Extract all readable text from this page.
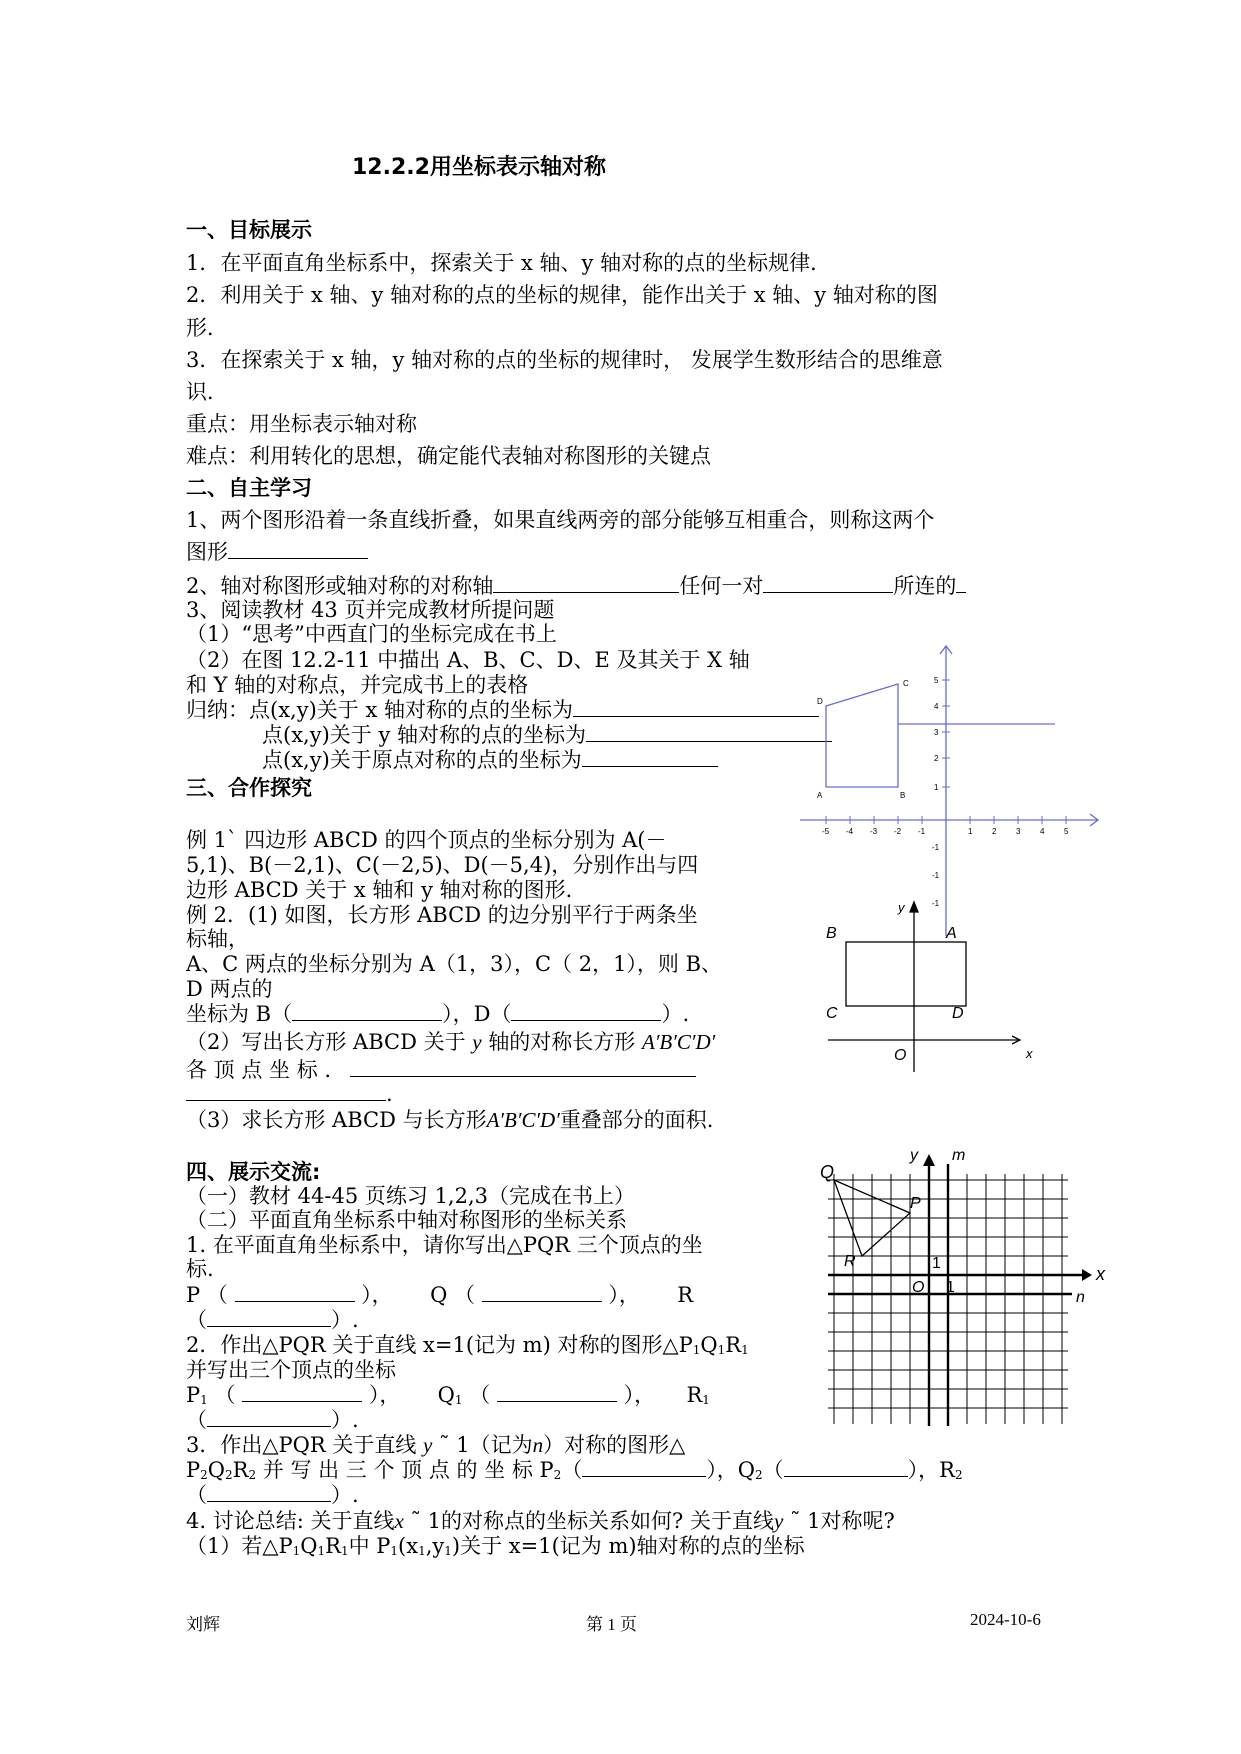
12.2.2用坐标表示轴对称
一、目标展示
1．在平面直角坐标系中，探索关于 x 轴、y 轴对称的点的坐标规律．
2．利用关于 x 轴、y 轴对称的点的坐标的规律，能作出关于 x 轴、y 轴对称的图
形．
3．在探索关于 x 轴，y 轴对称的点的坐标的规律时， 发展学生数形结合的思维意
识．
重点：用坐标表示轴对称
难点：利用转化的思想，确定能代表轴对称图形的关键点
二、自主学习
1、两个图形沿着一条直线折叠，如果直线两旁的部分能够互相重合，则称这两个
图形
2、轴对称图形或轴对称的对称轴	任何一对	所连的
3、阅读教材 43 页并完成教材所提问题
（1）“思考”中西直门的坐标完成在书上
（2）在图 12.2-11 中描出 A、B、C、D、E 及其关于 X 轴
和 Y 轴的对称点，并完成书上的表格
归纳：点(x,y)关于 x 轴对称的点的坐标为
点(x,y)关于 y 轴对称的点的坐标为
点(x,y)关于原点对称的点的坐标为
三、合作探究
例 1` 四边形 ABCD 的四个顶点的坐标分别为 A(－
5,1)、B(－2,1)、C(－2,5)、D(－5,4)，分别作出与四
边形 ABCD 关于 x 轴和 y 轴对称的图形．
例 2．(1) 如图，长方形 ABCD 的边分别平行于两条坐
标轴，
A、C 两点的坐标分别为 A（1，3），C（ 2，1），则 B、
D 两点的
坐标为 B（	），D（	）.
（2）写出长方形 ABCD 关于 y 轴的对称长方形 A′B′C′D′
各 顶 点 坐 标 .
.
（3）求长方形 ABCD 与长方形A′B′C′D′重叠部分的面积.
四、展示交流:
（一）教材 44-45 页练习 1,2,3（完成在书上）
（二）平面直角坐标系中轴对称图形的坐标关系
1. 在平面直角坐标系中，请你写出△PQR 三个顶点的坐
标.
P （	）， Q （	）， R
（	）.
2．作出△PQR 关于直线 x=1(记为 m) 对称的图形△P1Q1R1
并写出三个顶点的坐标
P1 （	），  Q1 （	），  R1
（	）.
3．作出△PQR 关于直线 y ˜ 1（记为n）对称的图形△
P2Q2R2 并 写 出 三 个 顶 点 的 坐 标 P2（	），Q2（	），R2
（	）.
4. 讨论总结: 关于直线x ˜ 1的对称点的坐标关系如何? 关于直线y ˜ 1对称呢?
（1）若△P1Q1R1中 P1(x1,y1)关于 x=1(记为 m)轴对称的点的坐标
-5 -4 -3 -2 -1	1 2 3 4 5
5
4
3
2
1
-1
-1
-1
A	B
C
D
B	A
C	D
O	x
y
Q
P
R
O 1
1
x
y m
n
刘辉	第 1 页	2024-10-6
